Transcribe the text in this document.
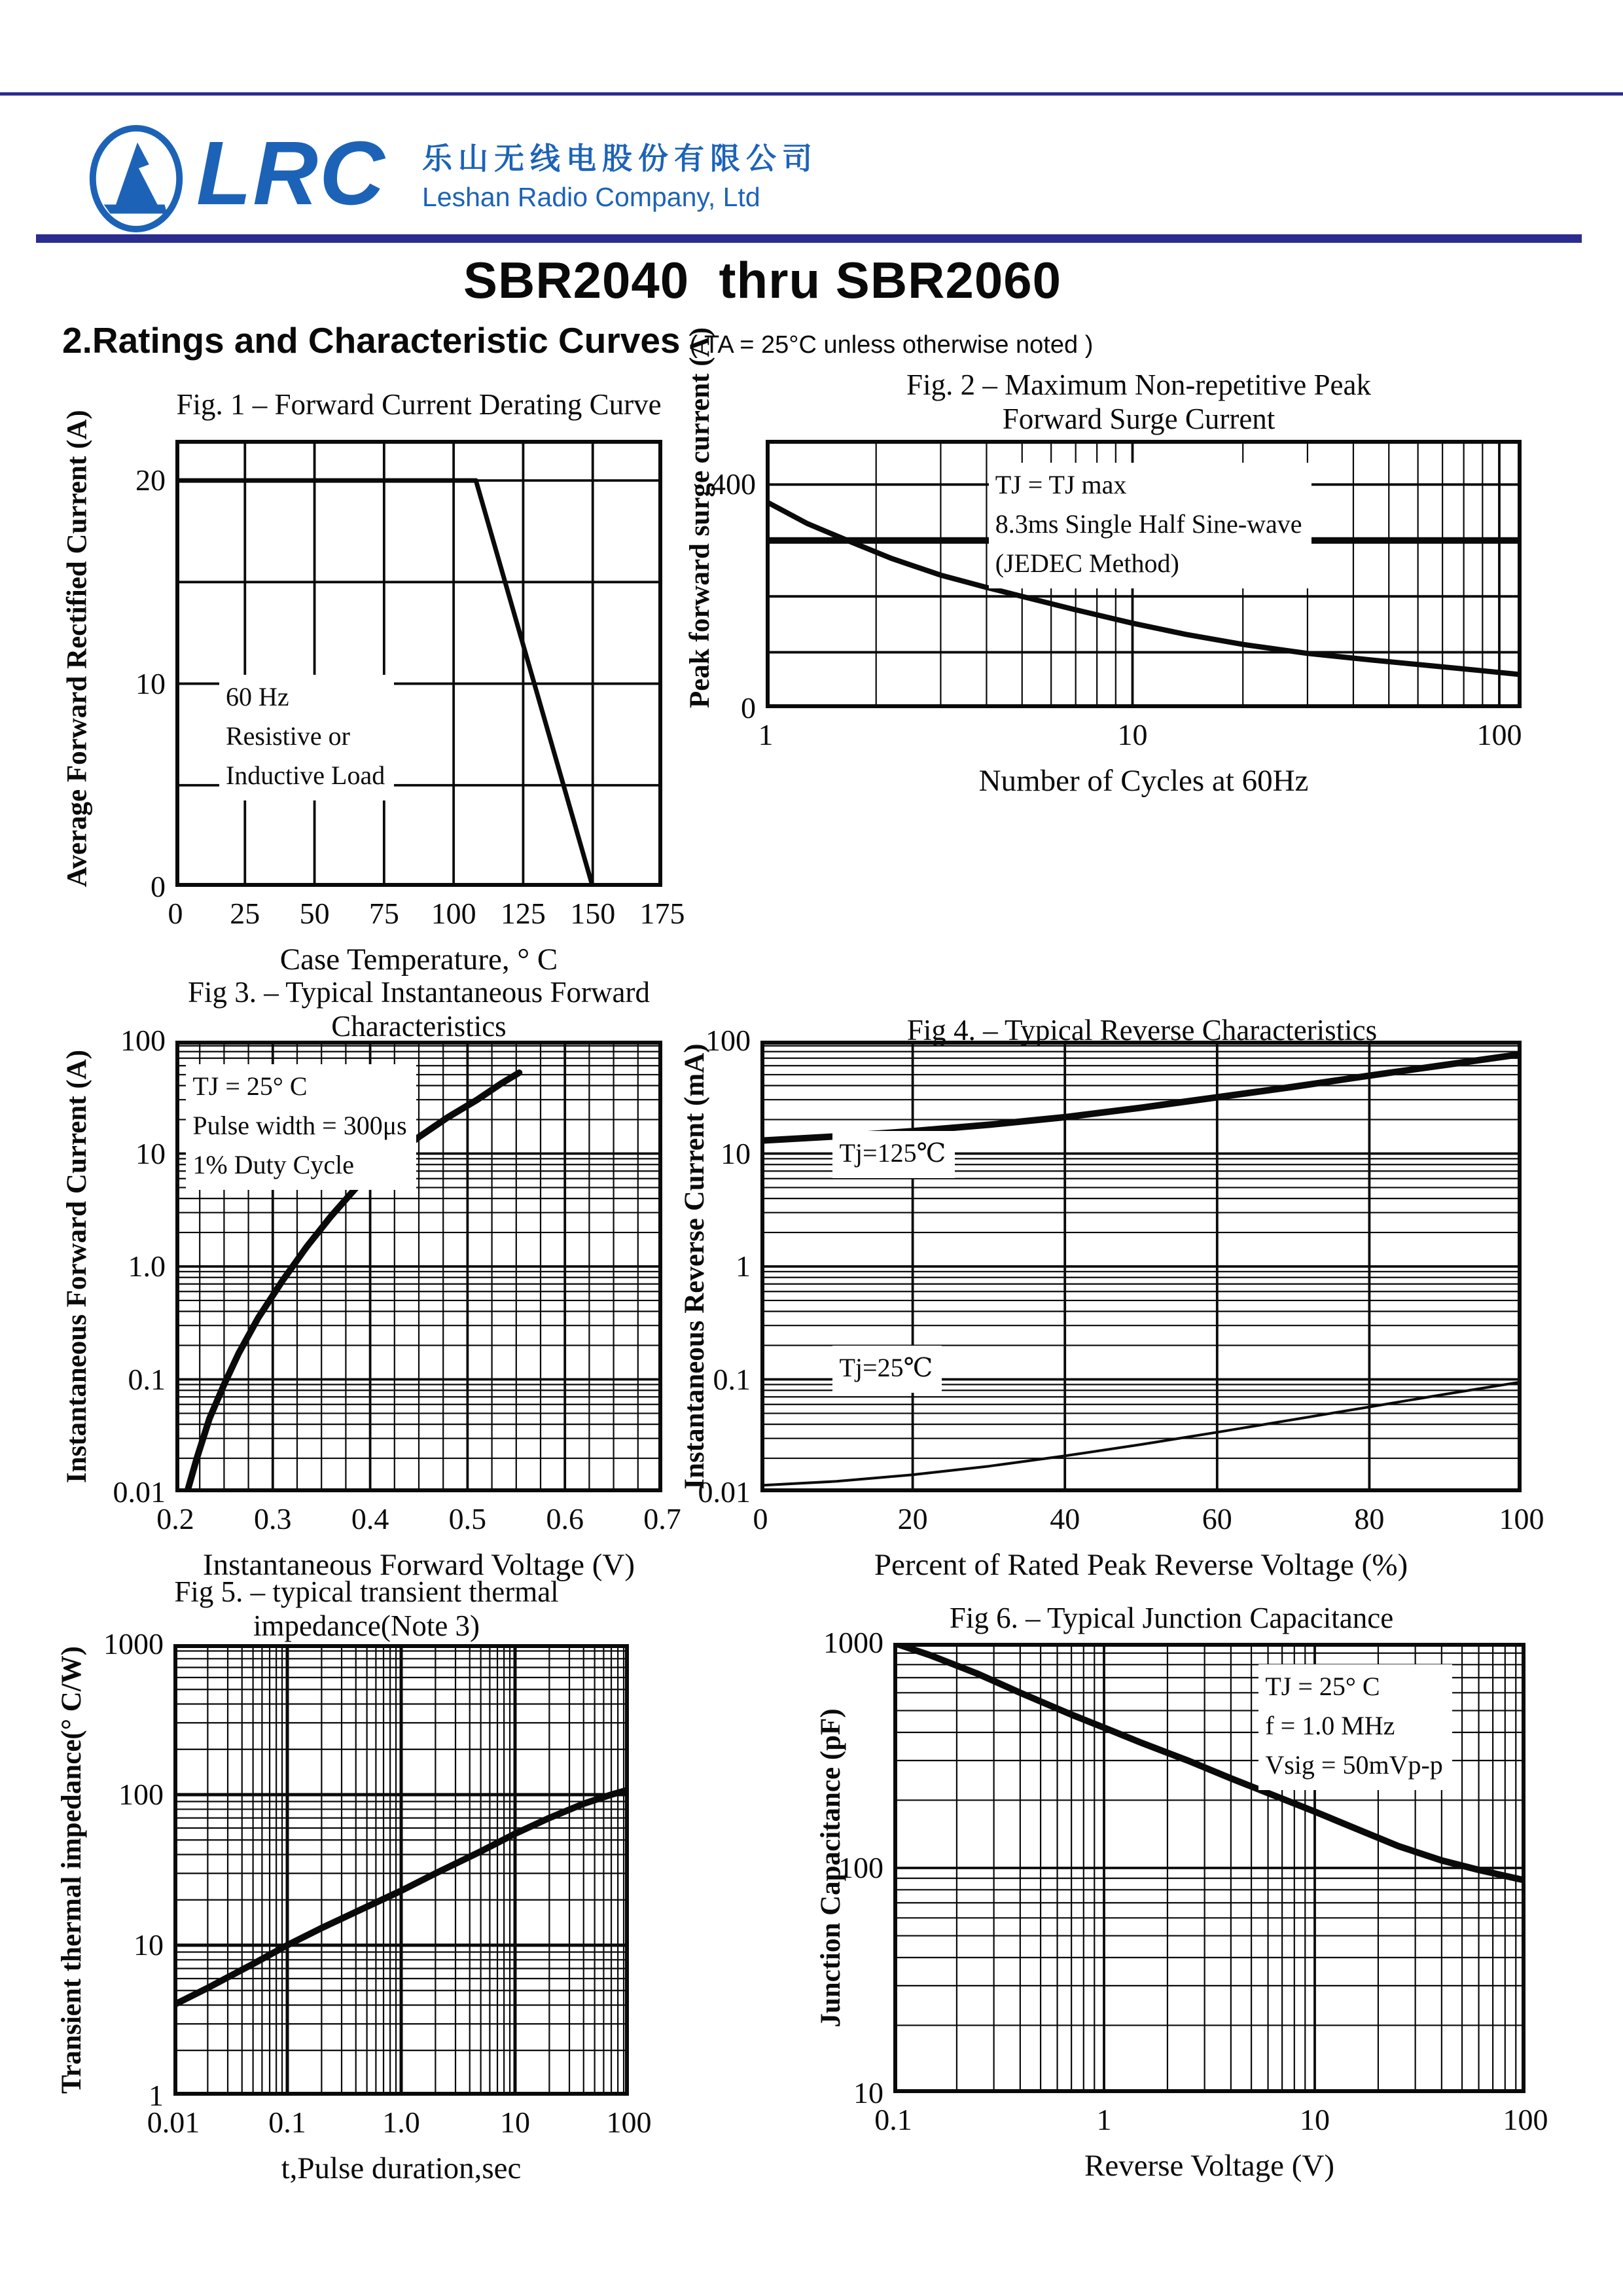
LRC 乐山无线电股份有限公司
Leshan Radio Company, Ltd
SBR2040  thru SBR2060
2.Ratings and Characteristic Curves ( TA = 25°C unless otherwise noted )
Fig. 1 – Forward Current Derating Curve
Average Forward Rectified Current (A)	60 Hz
Resistive or
Inductive Load
0 25 50 75 100 125 150 175
Case Temperature, ° C
20
10
0
Fig. 2 – Maximum Non-repetitive Peak
Forward Surge Current
Peak forward surge current (A)	TJ = TJ max
8.3ms Single Half Sine-wave
(JEDEC Method)
1	10	100
Number of Cycles at 60Hz
400
0
Fig 3. – Typical Instantaneous Forward
Characteristics
Instantaneous Forward Current (A)	TJ = 25° C
Pulse width = 300μs
1% Duty Cycle
0.2 0.3 0.4 0.5 0.6 0.7
Instantaneous Forward Voltage (V)
100
10
1.0
0.1
0.01
Fig 4. – Typical Reverse Characteristics
Instantaneous Reverse Current (mA)	Tj=125℃
Tj=25℃
0	20	40	60	80	100
Percent of Rated Peak Reverse Voltage (%)
100
10
1
0.1
0.01
Fig 5. – typical transient thermal
impedance(Note 3)
Transient thermal impedance(° C/W)
0.01 0.1	1.0	10	100
t,Pulse duration,sec
1000
100
10
1
Fig 6. – Typical Junction Capacitance
Junction Capacitance (pF)
TJ = 25° C
f = 1.0 MHz
Vsig = 50mVp-p
0.1	1	10	100
Reverse Voltage (V)
1000
100
10
